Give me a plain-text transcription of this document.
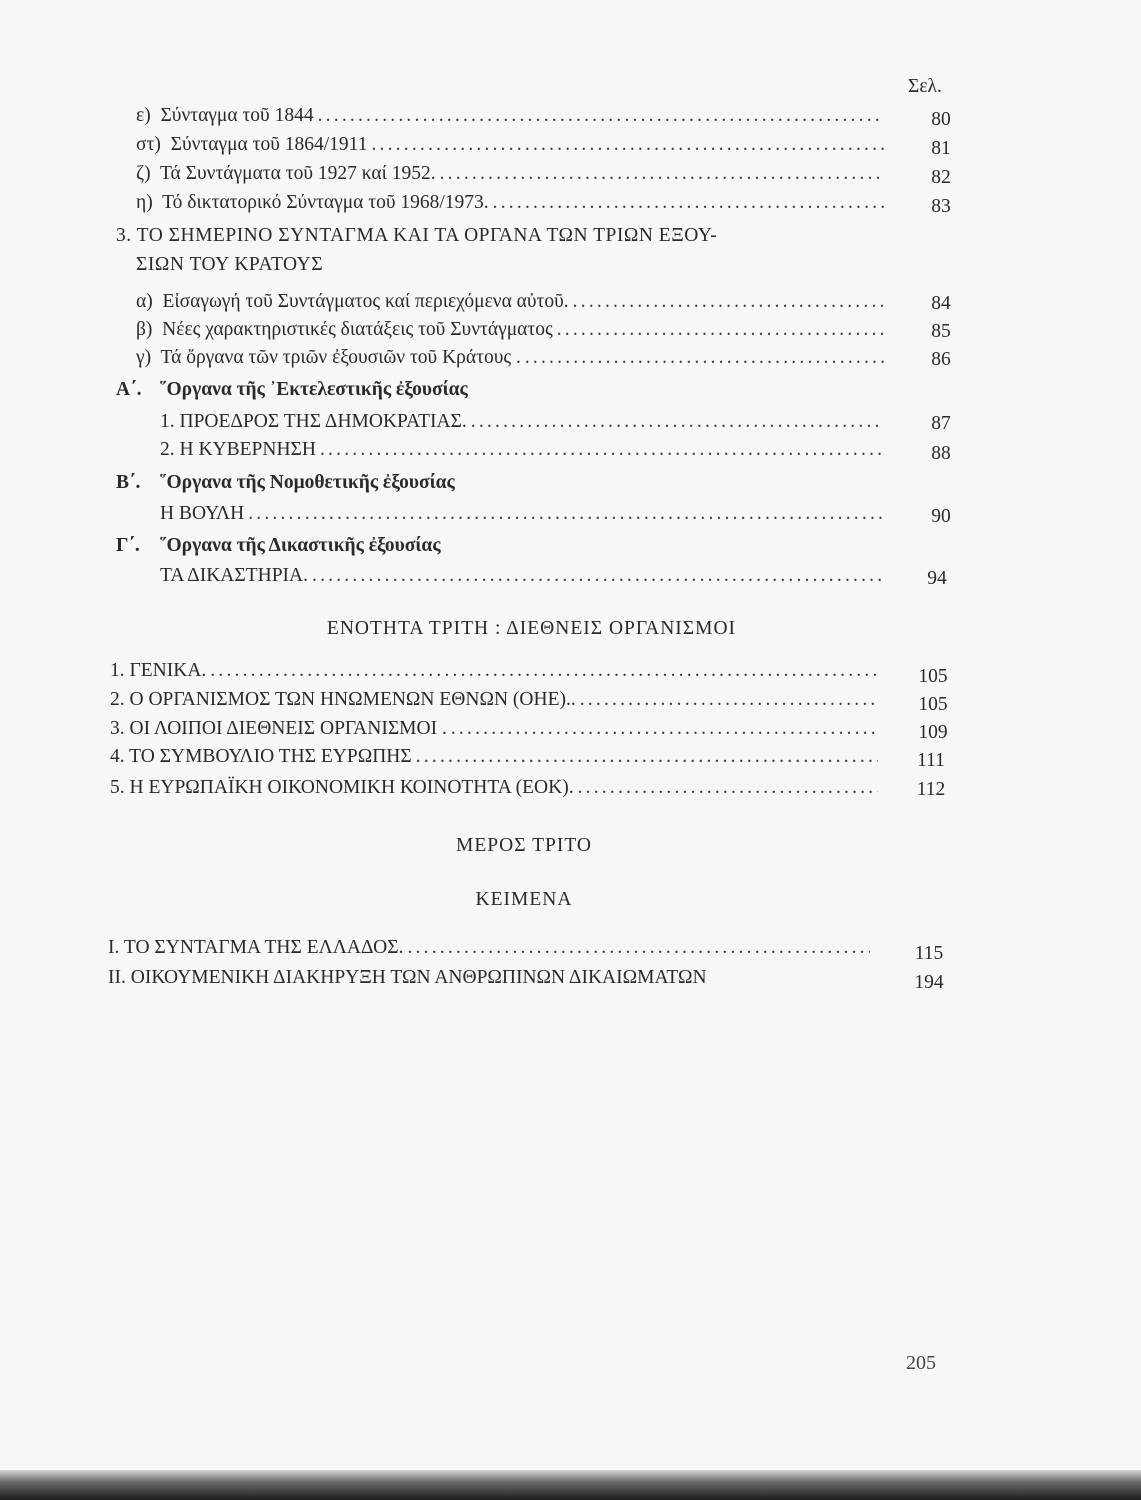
Σελ.
ε) Σύνταγμα τοῦ 1844 .....	80
στ) Σύνταγμα τοῦ 1864/1911 .....	81
ζ) Τά Συντάγματα τοῦ 1927 καί 1952. .....	82
η) Τό δικτατορικό Σύνταγμα τοῦ 1968/1973. .....	83
3. ΤΟ ΣΗΜΕΡΙΝΟ ΣΥΝΤΑΓΜΑ ΚΑΙ ΤΑ ΟΡΓΑΝΑ ΤΩΝ ΤΡΙΩΝ ΕΞΟΥ-
ΣΙΩΝ ΤΟΥ ΚΡΑΤΟΥΣ
α) Εἰσαγωγή τοῦ Συντάγματος καί περιεχόμενα αὐτοῦ. .....	84
β) Νέες χαρακτηριστικές διατάξεις τοῦ Συντάγματος .....	85
γ) Τά ὄργανα τῶν τριῶν ἐξουσιῶν τοῦ Κράτους . .....	86
Α΄. ῞Οργανα τῆς ᾿Εκτελεστικῆς ἐξουσίας
1. ΠΡΟΕΔΡΟΣ ΤΗΣ ΔΗΜΟΚΡΑΤΙΑΣ. .....	87
2. Η ΚΥΒΕΡΝΗΣΗ .....	88
Β΄. ῞Οργανα τῆς Νομοθετικῆς ἐξουσίας
Η ΒΟΥΛΗ .....	90
Γ΄. ῞Οργανα τῆς Δικαστικῆς ἐξουσίας
ΤΑ ΔΙΚΑΣΤΗΡΙΑ. .....	94
ΕΝΟΤΗΤΑ ΤΡΙΤΗ : ΔΙΕΘΝΕΙΣ ΟΡΓΑΝΙΣΜΟΙ
1. ΓΕΝΙΚΑ. .....	105
2. Ο ΟΡΓΑΝΙΣΜΟΣ ΤΩΝ ΗΝΩΜΕΝΩΝ ΕΘΝΩΝ (ΟΗΕ).. .....	105
3. ΟΙ ΛΟΙΠΟΙ ΔΙΕΘΝΕΙΣ ΟΡΓΑΝΙΣΜΟΙ . .....	109
4. ΤΟ ΣΥΜΒΟΥΛΙΟ ΤΗΣ ΕΥΡΩΠΗΣ .....	111
5. Η ΕΥΡΩΠΑΪΚΗ ΟΙΚΟΝΟΜΙΚΗ ΚΟΙΝΟΤΗΤΑ (ΕΟΚ). .....	112
ΜΕΡΟΣ ΤΡΙΤΟ
ΚΕΙΜΕΝΑ
Ι. ΤΟ ΣΥΝΤΑΓΜΑ ΤΗΣ ΕΛΛΑΔΟΣ. .....	115
ΙΙ. ΟΙΚΟΥΜΕΝΙΚΗ ΔΙΑΚΗΡΥΞΗ ΤΩΝ ΑΝΘΡΩΠΙΝΩΝ ΔΙΚΑΙΩΜΑΤΩΝ	194
205
